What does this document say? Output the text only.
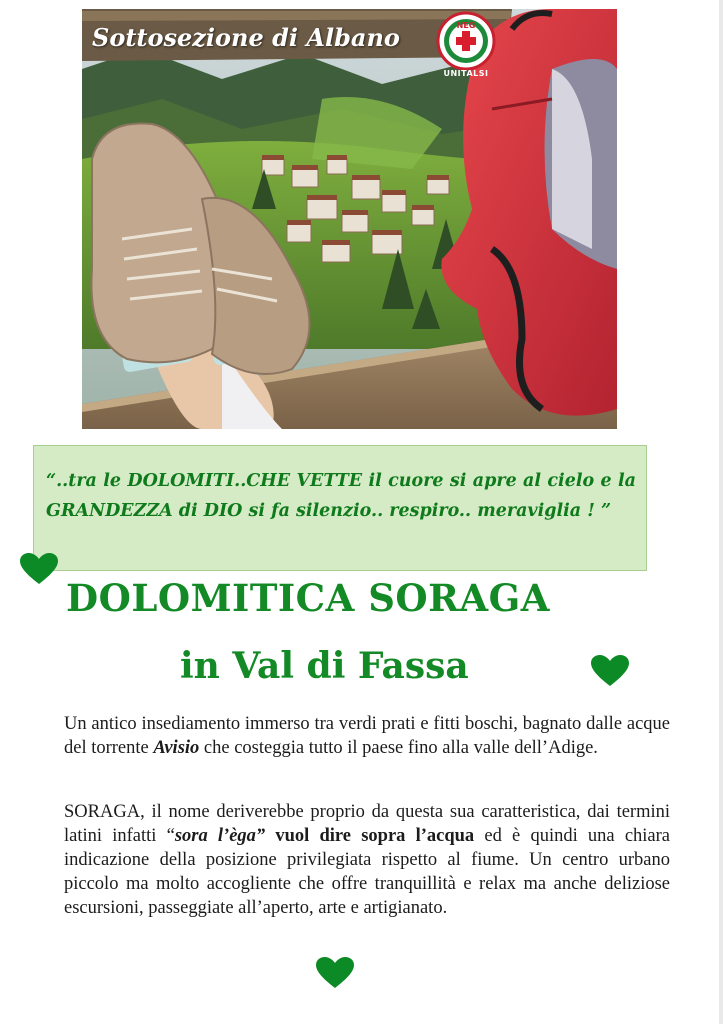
Sottosezione di Albano	NEG
UNITALSI

“..tra le DOLOMITI..CHE VETTE il cuore si apre al cielo e la GRANDEZZA di DIO si fa silenzio.. respiro.. meraviglia ! ”

DOLOMITICA SORAGA
in Val di Fassa

Un antico insediamento immerso tra verdi prati e fitti boschi, bagnato dalle acque del torrente Avisio che costeggia tutto il paese fino alla valle dell’Adige.

SORAGA, il nome deriverebbe proprio da questa sua caratteristica, dai termini latini infatti “sora l’èga” vuol dire sopra l’acqua ed è quindi una chiara indicazione della posizione privilegiata rispetto al fiume. Un centro urbano piccolo ma molto accogliente che offre tranquillità e relax ma anche deliziose escursioni, passeggiate all’aperto, arte e artigianato.
